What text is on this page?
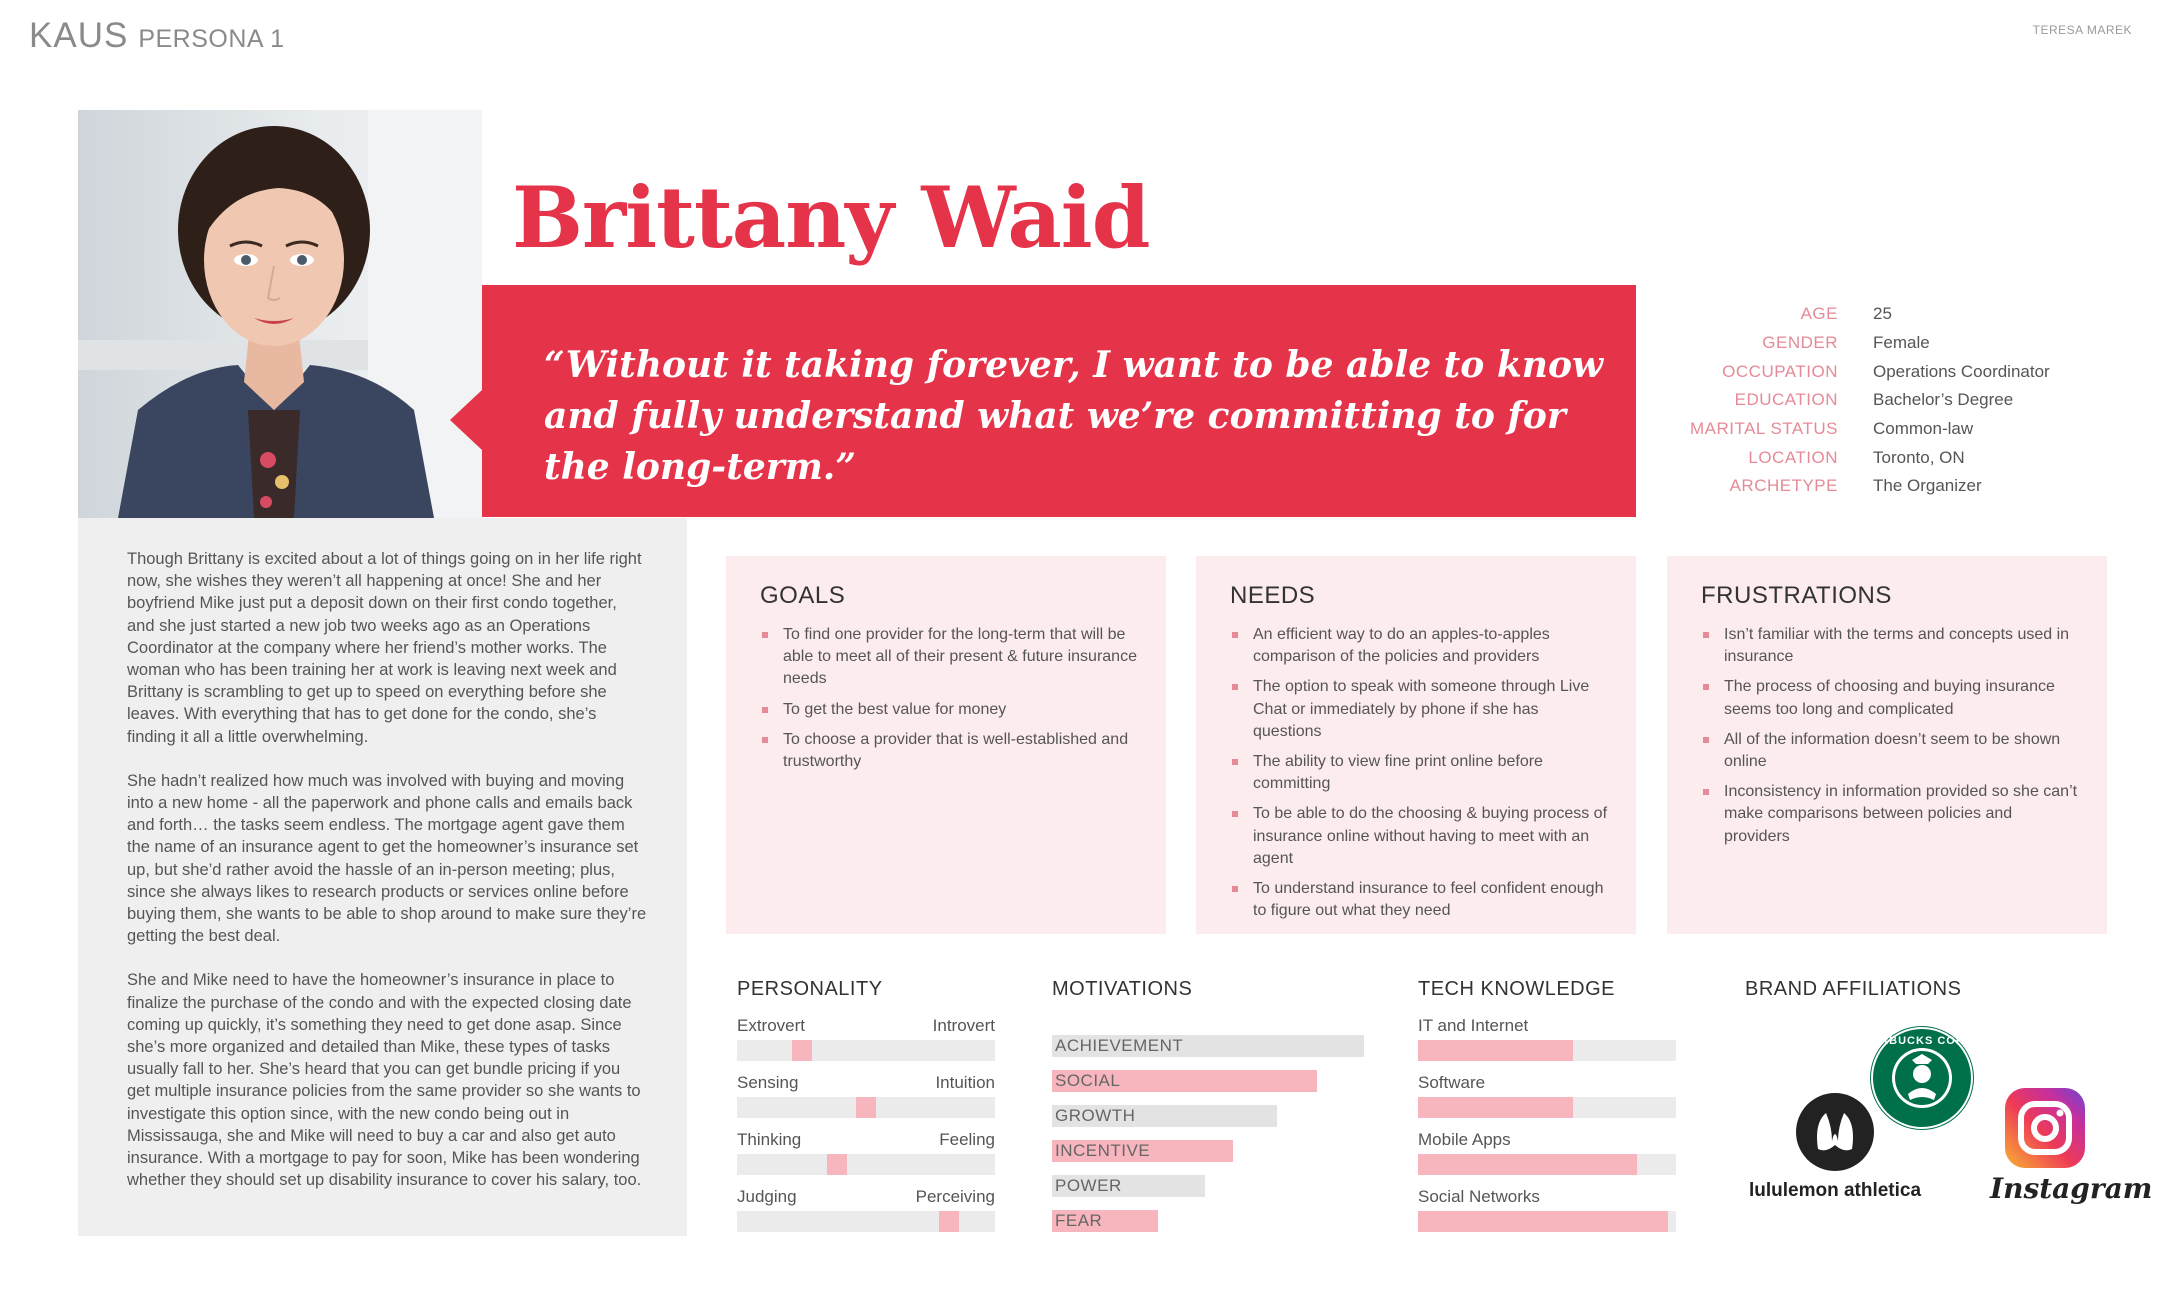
KAUS PERSONA 1	TERESA MAREK
Brittany Waid
“Without it taking forever, I want to be able to know and fully understand what we’re committing to for the long-term.”
AGE 25
GENDER Female
OCCUPATION Operations Coordinator
EDUCATION Bachelor’s Degree
MARITAL STATUS Common-law
LOCATION Toronto, ON
ARCHETYPE The Organizer

Though Brittany is excited about a lot of things going on in her life right now, she wishes they weren’t all happening at once! She and her boyfriend Mike just put a deposit down on their first condo together, and she just started a new job two weeks ago as an Operations Coordinator at the company where her friend’s mother works. The woman who has been training her at work is leaving next week and Brittany is scrambling to get up to speed on everything before she leaves. With everything that has to get done for the condo, she’s finding it all a little overwhelming.

She hadn’t realized how much was involved with buying and moving into a new home - all the paperwork and phone calls and emails back and forth… the tasks seem endless. The mortgage agent gave them the name of an insurance agent to get the homeowner’s insurance set up, but she’d rather avoid the hassle of an in-person meeting; plus, since she always likes to research products or services online before buying them, she wants to be able to shop around to make sure they’re getting the best deal.

She and Mike need to have the homeowner’s insurance in place to finalize the purchase of the condo and with the expected closing date coming up quickly, it’s something they need to get done asap. Since she’s more organized and detailed than Mike, these types of tasks usually fall to her. She’s heard that you can get bundle pricing if you get multiple insurance policies from the same provider so she wants to investigate this option since, with the new condo being out in Mississauga, she and Mike will need to buy a car and also get auto insurance. With a mortgage to pay for soon, Mike has been wondering whether they should set up disability insurance to cover his salary, too.

GOALS
To find one provider for the long-term that will be able to meet all of their present & future insurance needs
To get the best value for money
To choose a provider that is well-established and trustworthy
NEEDS
An efficient way to do an apples-to-apples comparison of the policies and providers
The option to speak with someone through Live Chat or immediately by phone if she has questions
The ability to view fine print online before committing
To be able to do the choosing & buying process of insurance online without having to meet with an agent
To understand insurance to feel confident enough to figure out what they need
FRUSTRATIONS
Isn’t familiar with the terms and concepts used in insurance
The process of choosing and buying insurance seems too long and complicated
All of the information doesn’t seem to be shown online
Inconsistency in information provided so she can’t make comparisons between policies and providers
PERSONALITY
Extrovert	Introvert
Sensing	Intuition
Thinking	Feeling
Judging	Perceiving
MOTIVATIONS
ACHIEVEMENT
SOCIAL
GROWTH
INCENTIVE
POWER
FEAR
TECH KNOWLEDGE
IT and Internet
Software
Mobile Apps
Social Networks
BRAND AFFILIATIONS
lululemon athletica
STARBUCKS COFFEE
Instagram
